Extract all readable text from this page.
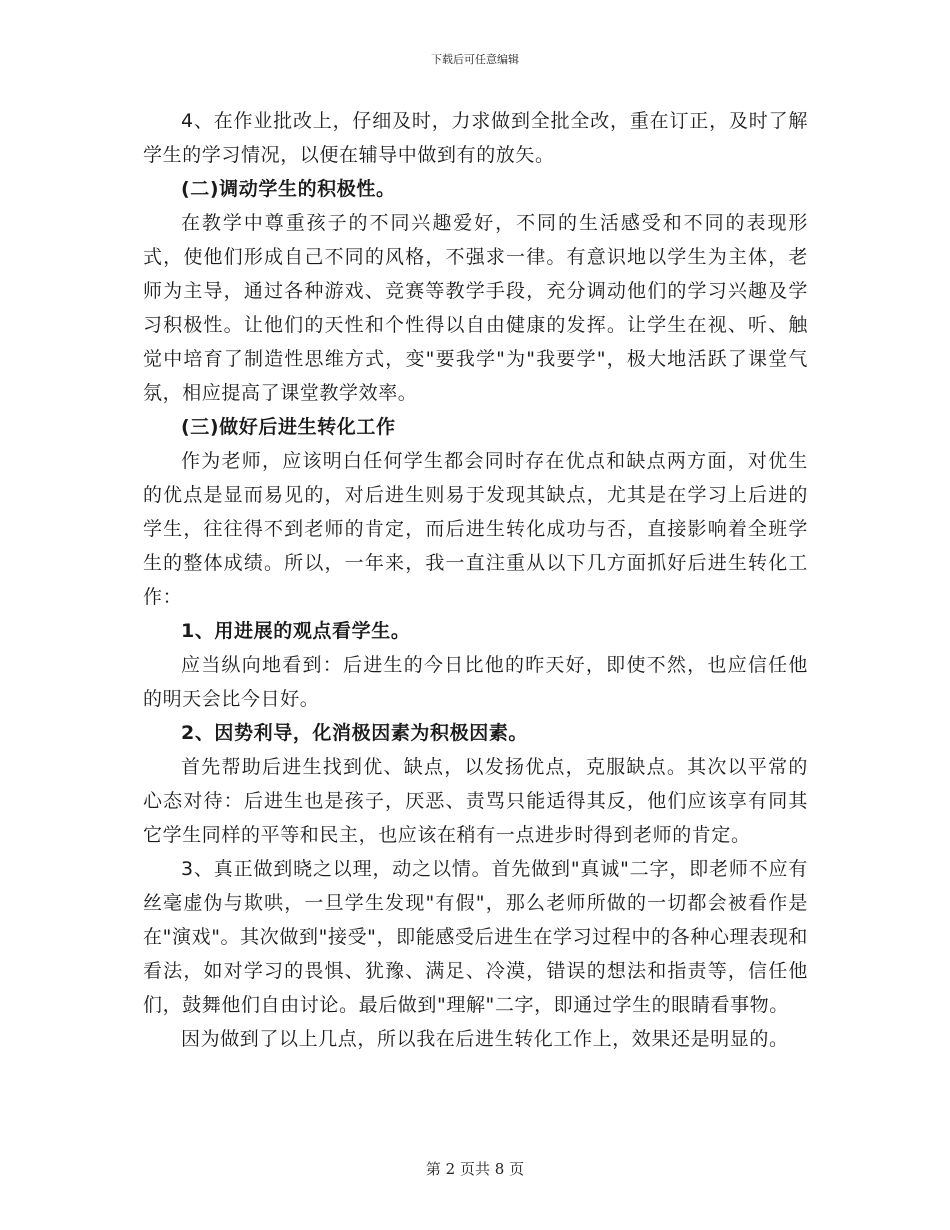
下载后可任意编辑

4、在作业批改上，仔细及时，力求做到全批全改，重在订正，及时了解学生的学习情况，以便在辅导中做到有的放矢。

(二)调动学生的积极性。

在教学中尊重孩子的不同兴趣爱好，不同的生活感受和不同的表现形式，使他们形成自己不同的风格，不强求一律。有意识地以学生为主体，老师为主导，通过各种游戏、竞赛等教学手段，充分调动他们的学习兴趣及学习积极性。让他们的天性和个性得以自由健康的发挥。让学生在视、听、触觉中培育了制造性思维方式，变"要我学"为"我要学"，极大地活跃了课堂气氛，相应提高了课堂教学效率。

(三)做好后进生转化工作

作为老师，应该明白任何学生都会同时存在优点和缺点两方面，对优生的优点是显而易见的，对后进生则易于发现其缺点，尤其是在学习上后进的学生，往往得不到老师的肯定，而后进生转化成功与否，直接影响着全班学生的整体成绩。所以，一年来，我一直注重从以下几方面抓好后进生转化工作：

1、用进展的观点看学生。

应当纵向地看到：后进生的今日比他的昨天好，即使不然，也应信任他的明天会比今日好。

2、因势利导，化消极因素为积极因素。

首先帮助后进生找到优、缺点，以发扬优点，克服缺点。其次以平常的心态对待：后进生也是孩子，厌恶、责骂只能适得其反，他们应该享有同其它学生同样的平等和民主，也应该在稍有一点进步时得到老师的肯定。

3、真正做到晓之以理，动之以情。首先做到"真诚"二字，即老师不应有丝毫虚伪与欺哄，一旦学生发现"有假"，那么老师所做的一切都会被看作是在"演戏"。其次做到"接受"，即能感受后进生在学习过程中的各种心理表现和看法，如对学习的畏惧、犹豫、满足、冷漠，错误的想法和指责等，信任他们，鼓舞他们自由讨论。最后做到"理解"二字，即通过学生的眼睛看事物。

因为做到了以上几点，所以我在后进生转化工作上，效果还是明显的。

第 2 页共 8 页
